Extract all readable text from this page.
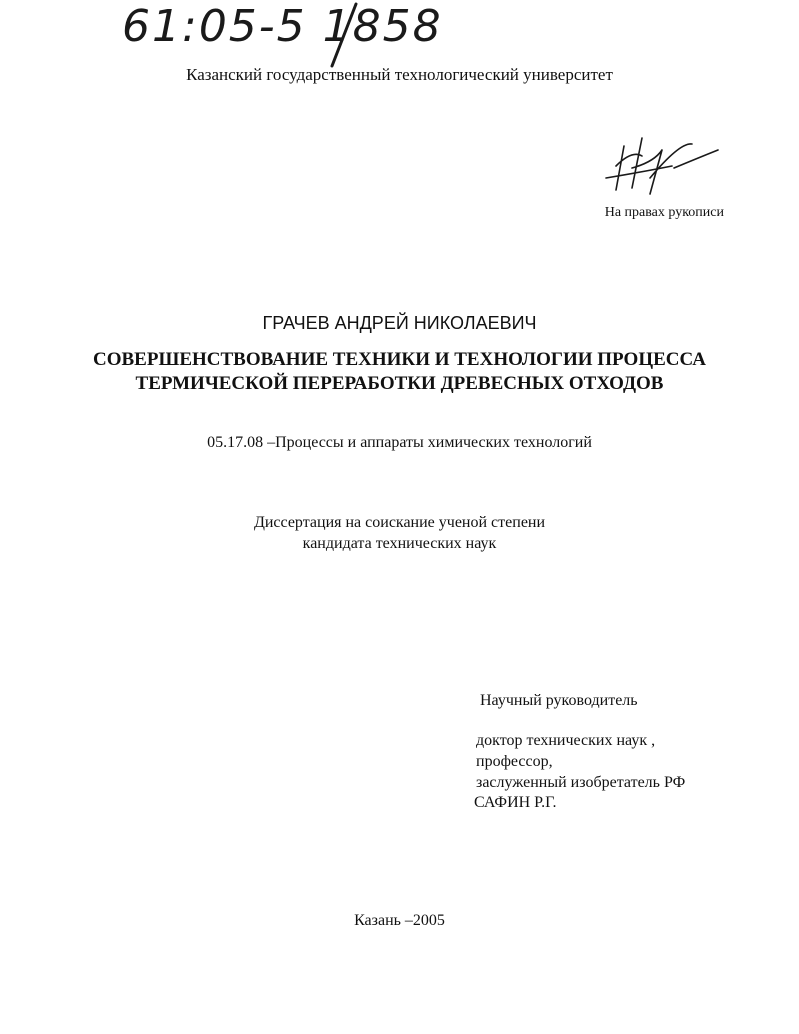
61:05-5 1858
Казанский государственный технологический университет
На правах рукописи
ГРАЧЕВ АНДРЕЙ НИКОЛАЕВИЧ
СОВЕРШЕНСТВОВАНИЕ ТЕХНИКИ И ТЕХНОЛОГИИ ПРОЦЕССА
ТЕРМИЧЕСКОЙ ПЕРЕРАБОТКИ ДРЕВЕСНЫХ ОТХОДОВ
05.17.08 –Процессы и аппараты химических технологий
Диссертация на соискание ученой степени
кандидата технических наук
Научный руководитель
доктор технических наук ,
профессор,
заслуженный изобретатель РФ
САФИН Р.Г.
Казань –2005
